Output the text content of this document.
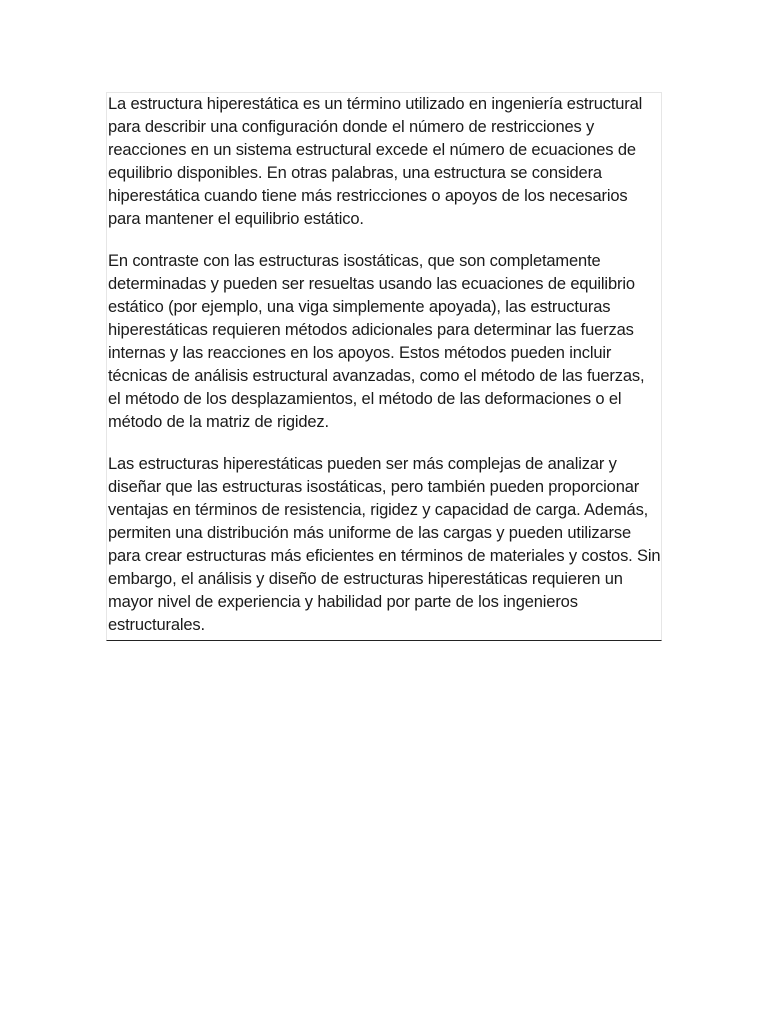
La estructura hiperestática es un término utilizado en ingeniería estructural para describir una configuración donde el número de restricciones y reacciones en un sistema estructural excede el número de ecuaciones de equilibrio disponibles. En otras palabras, una estructura se considera hiperestática cuando tiene más restricciones o apoyos de los necesarios para mantener el equilibrio estático.

En contraste con las estructuras isostáticas, que son completamente determinadas y pueden ser resueltas usando las ecuaciones de equilibrio estático (por ejemplo, una viga simplemente apoyada), las estructuras hiperestáticas requieren métodos adicionales para determinar las fuerzas internas y las reacciones en los apoyos. Estos métodos pueden incluir técnicas de análisis estructural avanzadas, como el método de las fuerzas, el método de los desplazamientos, el método de las deformaciones o el método de la matriz de rigidez.

Las estructuras hiperestáticas pueden ser más complejas de analizar y diseñar que las estructuras isostáticas, pero también pueden proporcionar ventajas en términos de resistencia, rigidez y capacidad de carga. Además, permiten una distribución más uniforme de las cargas y pueden utilizarse para crear estructuras más eficientes en términos de materiales y costos. Sin embargo, el análisis y diseño de estructuras hiperestáticas requieren un mayor nivel de experiencia y habilidad por parte de los ingenieros estructurales.
